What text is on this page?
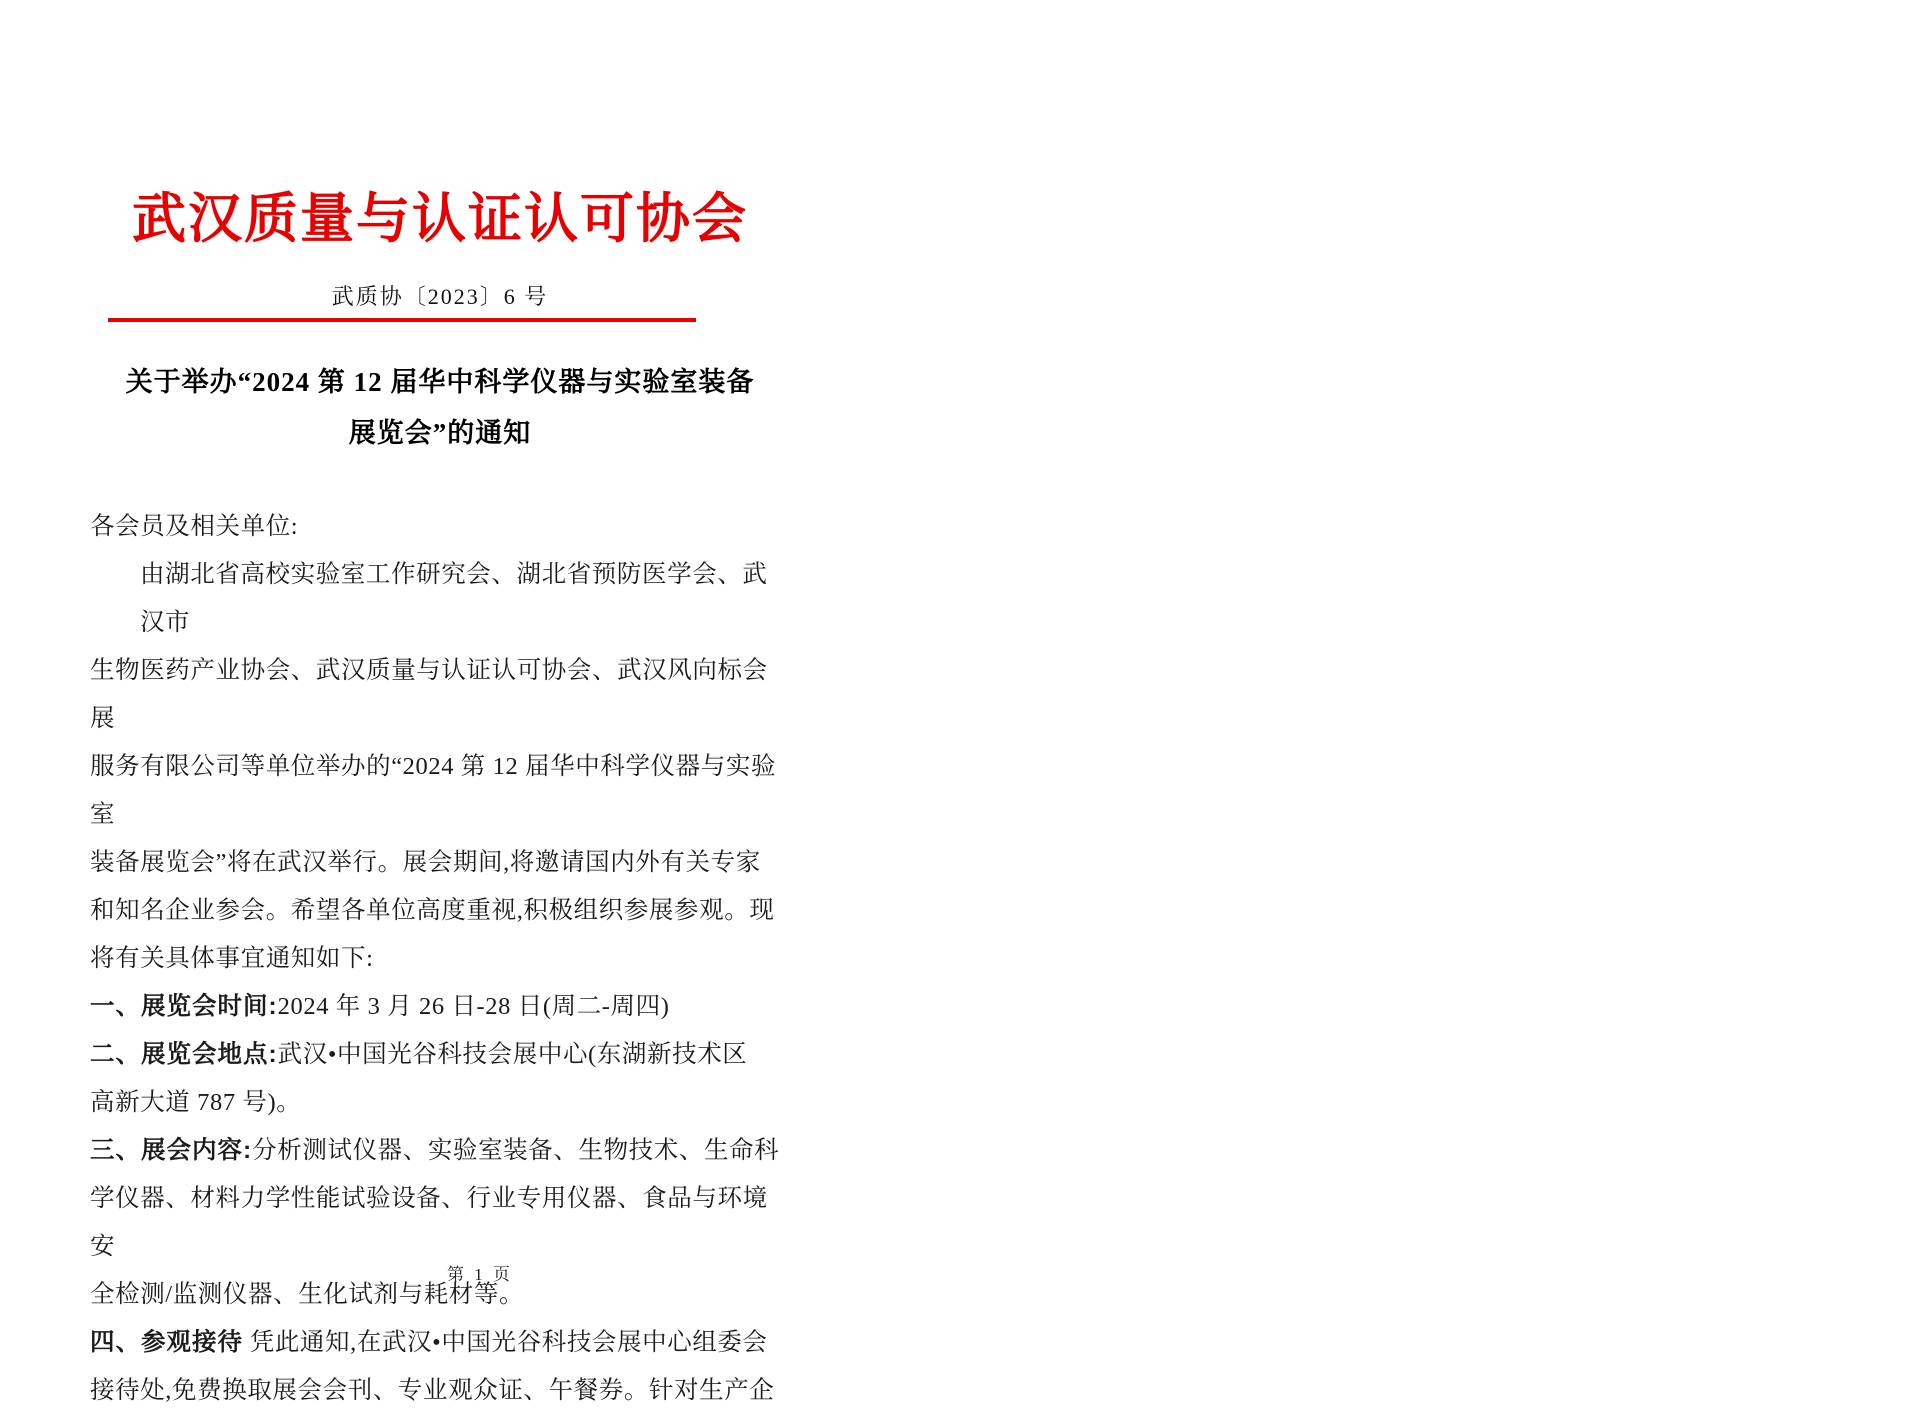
武汉质量与认证认可协会
武质协〔2023〕6 号
关于举办“2024 第 12 届华中科学仪器与实验室装备
展览会”的通知
各会员及相关单位:
由湖北省高校实验室工作研究会、湖北省预防医学会、武汉市
生物医药产业协会、武汉质量与认证认可协会、武汉风向标会展
服务有限公司等单位举办的“2024 第 12 届华中科学仪器与实验室
装备展览会”将在武汉举行。展会期间,将邀请国内外有关专家
和知名企业参会。希望各单位高度重视,积极组织参展参观。现
将有关具体事宜通知如下:
一、展览会时间:2024 年 3 月 26 日-28 日(周二-周四)
二、展览会地点:武汉•中国光谷科技会展中心(东湖新技术区
高新大道 787 号)。
三、展会内容:分析测试仪器、实验室装备、生物技术、生命科
学仪器、材料力学性能试验设备、行业专用仪器、食品与环境安
全检测/监测仪器、生化试剂与耗材等。
四、参观接待 凭此通知,在武汉•中国光谷科技会展中心组委会
接待处,免费换取展会会刊、专业观众证、午餐券。针对生产企
第 1 页
